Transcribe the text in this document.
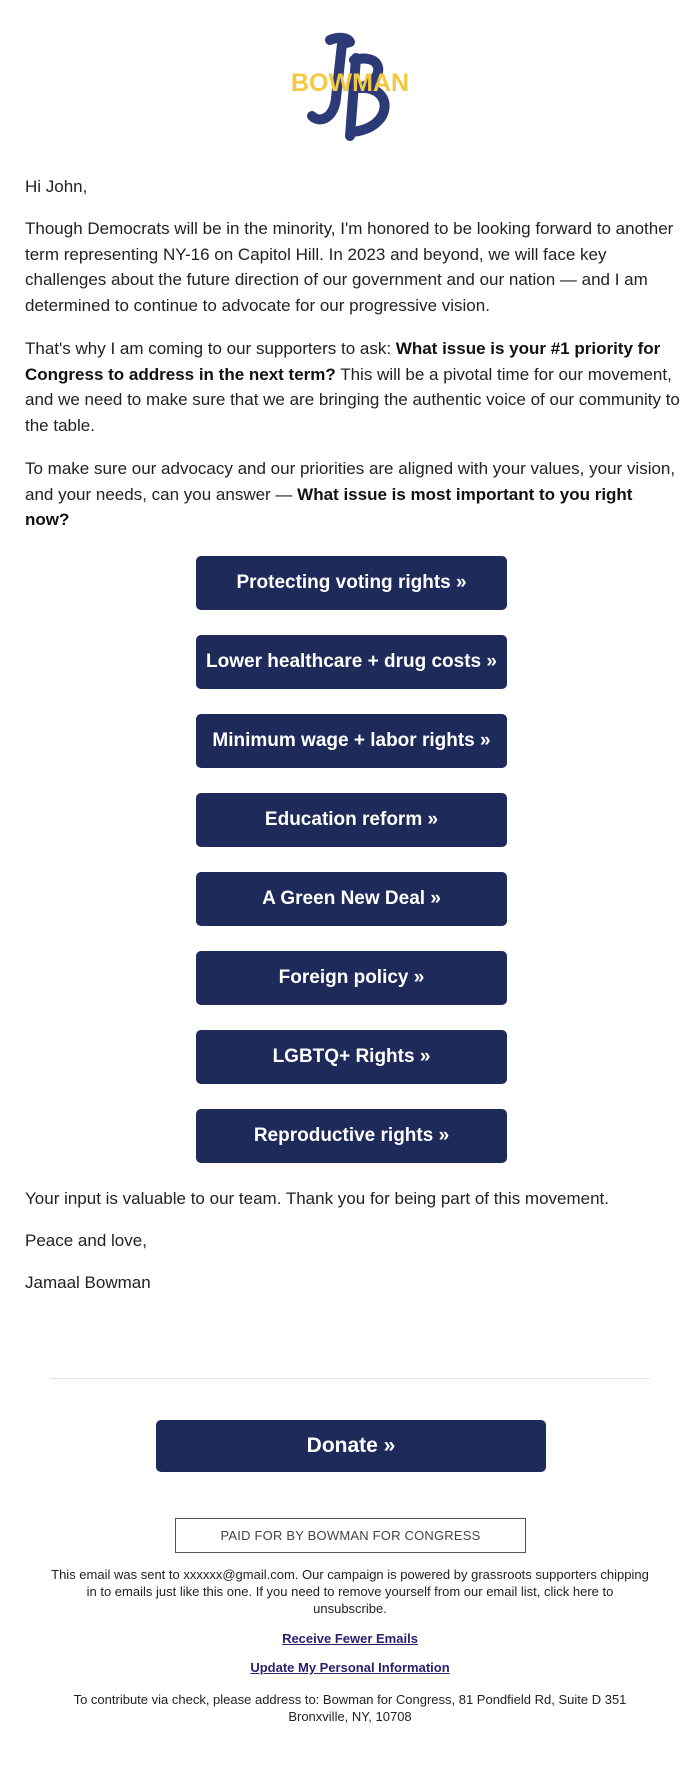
BOWMAN

Hi John,

Though Democrats will be in the minority, I'm honored to be looking forward to another term representing NY-16 on Capitol Hill. In 2023 and beyond, we will face key challenges about the future direction of our government and our nation — and I am determined to continue to advocate for our progressive vision.

That's why I am coming to our supporters to ask: What issue is your #1 priority for Congress to address in the next term? This will be a pivotal time for our movement, and we need to make sure that we are bringing the authentic voice of our community to the table.

To make sure our advocacy and our priorities are aligned with your values, your vision, and your needs, can you answer — What issue is most important to you right now?

Protecting voting rights »
Lower healthcare + drug costs »
Minimum wage + labor rights »
Education reform »
A Green New Deal »
Foreign policy »
LGBTQ+ Rights »
Reproductive rights »

Your input is valuable to our team. Thank you for being part of this movement.

Peace and love,

Jamaal Bowman

Donate »
PAID FOR BY BOWMAN FOR CONGRESS

This email was sent to xxxxxx@gmail.com. Our campaign is powered by grassroots supporters chipping in to emails just like this one. If you need to remove yourself from our email list, click here to unsubscribe.

Receive Fewer Emails
Update My Personal Information

To contribute via check, please address to: Bowman for Congress, 81 Pondfield Rd, Suite D 351 Bronxville, NY, 10708
